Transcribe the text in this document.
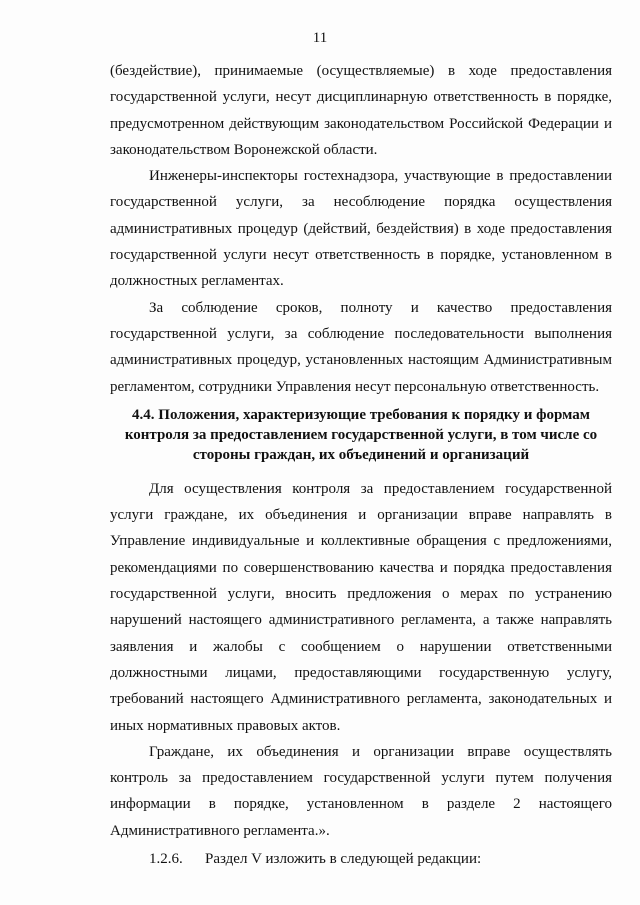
11

(бездействие), принимаемые (осуществляемые) в ходе предоставления государственной услуги, несут дисциплинарную ответственность в порядке, предусмотренном действующим законодательством Российской Федерации и законодательством Воронежской области.

Инженеры-инспекторы гостехнадзора, участвующие в предоставлении государственной услуги, за несоблюдение порядка осуществления административных процедур (действий, бездействия) в ходе предоставления государственной услуги несут ответственность в порядке, установленном в должностных регламентах.

За соблюдение сроков, полноту и качество предоставления государственной услуги, за соблюдение последовательности выполнения административных процедур, установленных настоящим Административным регламентом, сотрудники Управления несут персональную ответственность.

4.4. Положения, характеризующие требования к порядку и формам контроля за предоставлением государственной услуги, в том числе со стороны граждан, их объединений и организаций

Для осуществления контроля за предоставлением государственной услуги граждане, их объединения и организации вправе направлять в Управление индивидуальные и коллективные обращения с предложениями, рекомендациями по совершенствованию качества и порядка предоставления государственной услуги, вносить предложения о мерах по устранению нарушений настоящего административного регламента, а также направлять заявления и жалобы с сообщением о нарушении ответственными должностными лицами, предоставляющими государственную услугу, требований настоящего Административного регламента, законодательных и иных нормативных правовых актов.

Граждане, их объединения и организации вправе осуществлять контроль за предоставлением государственной услуги путем получения информации в порядке, установленном в разделе 2 настоящего Административного регламента.».

1.2.6. Раздел V изложить в следующей редакции:
